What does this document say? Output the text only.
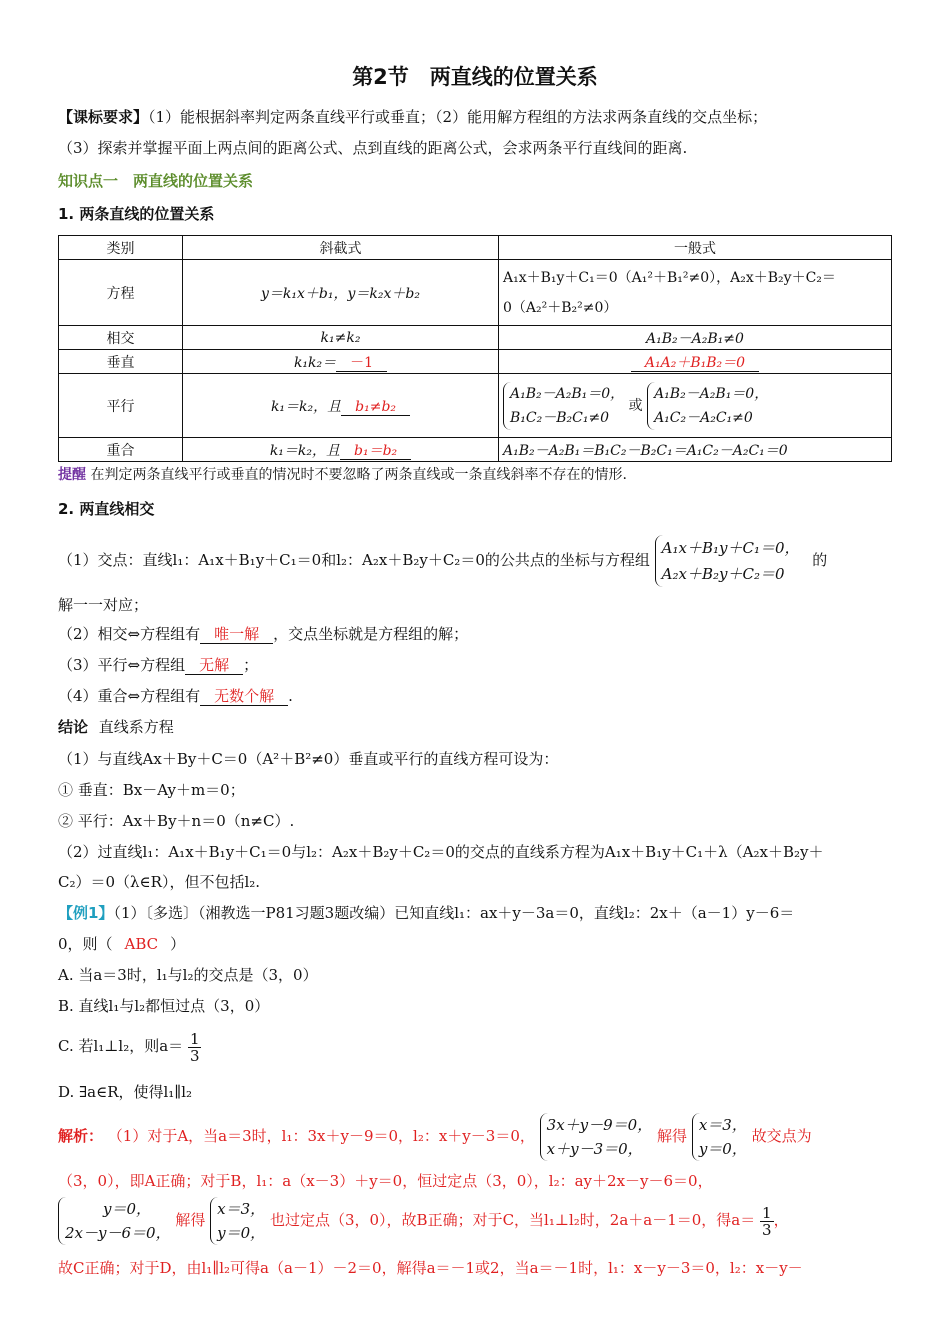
第2节　两直线的位置关系
【课标要求】（1）能根据斜率判定两条直线平行或垂直；（2）能用解方程组的方法求两条直线的交点坐标；
（3）探索并掌握平面上两点间的距离公式、点到直线的距离公式，会求两条平行直线间的距离.
知识点一　两直线的位置关系
1. 两条直线的位置关系
类别	斜截式	一般式
方程	y＝k₁x＋b₁，y＝k₂x＋b₂	A₁x＋B₁y＋C₁＝0（A₁²＋B₁²≠0），A₂x＋B₂y＋C₂＝
0（A₂²＋B₂²≠0）

相交	k₁≠k₂	A₁B₂－A₂B₁≠0
垂直	k₁k₂＝ －1	A₁A₂＋B₁B₂＝0
平行	k₁＝k₂，且 b₁≠b₂	A₁B₂－A₂B₁＝0，
B₁C₂－B₂C₁≠0
或
A₁B₂－A₂B₁＝0，
A₁C₂－A₂C₁≠0

重合	k₁＝k₂，且 b₁＝b₂	A₁B₂－A₂B₁＝B₁C₂－B₂C₁＝A₁C₂－A₂C₁＝0
提醒 在判定两条直线平行或垂直的情况时不要忽略了两条直线或一条直线斜率不存在的情形.
2. 两直线相交
（1）交点：直线l₁：A₁x＋B₁y＋C₁＝0和l₂：A₂x＋B₂y＋C₂＝0的公共点的坐标与方程组
A₁x＋B₁y＋C₁＝0，
A₂x＋B₂y＋C₂＝0
的
解一一对应；
（2）相交⇔方程组有 唯一解 ，交点坐标就是方程组的解；
（3）平行⇔方程组 无解 ；
（4）重合⇔方程组有 无数个解 .
结论 直线系方程
（1）与直线Ax＋By＋C＝0（A²＋B²≠0）垂直或平行的直线方程可设为：
① 垂直：Bx－Ay＋m＝0；
② 平行：Ax＋By＋n＝0（n≠C）.
（2）过直线l₁：A₁x＋B₁y＋C₁＝0与l₂：A₂x＋B₂y＋C₂＝0的交点的直线系方程为A₁x＋B₁y＋C₁＋λ（A₂x＋B₂y＋
C₂）＝0（λ∈R），但不包括l₂.
【例1】（1）〔多选〕（湘教选一P81习题3题改编）已知直线l₁：ax＋y－3a＝0，直线l₂：2x＋（a－1）y－6＝
0，则（ ABC ）
A. 当a＝3时，l₁与l₂的交点是（3，0）
B. 直线l₁与l₂都恒过点（3，0）
C. 若l₁⊥l₂，则$a= \frac{1}{3}$
D. ∃a∈R，使得l₁∥l₂
解析： （1）对于A，当a＝3时，l₁：3x＋y－9＝0，l₂：x＋y－3＝0，
3x＋y－9＝0，
x＋y－3＝0，
解得
x＝3，
y＝0，
故交点为
（3，0），即A正确；对于B，l₁：a（x－3）＋y＝0，恒过定点（3，0），l₂：ay＋2x－y－6＝0，
y＝0，
2x－y－6＝0，
解得
x＝3，
y＝0，
也过定点（3，0），故B正确；对于C，当l₁⊥l₂时，2a＋a－1＝0，得$a= \frac{1}{3}$ ，
故C正确；对于D，由l₁∥l₂可得a（a－1）－2＝0，解得a＝－1或2，当a＝－1时，l₁：x－y－3＝0，l₂：x－y－
